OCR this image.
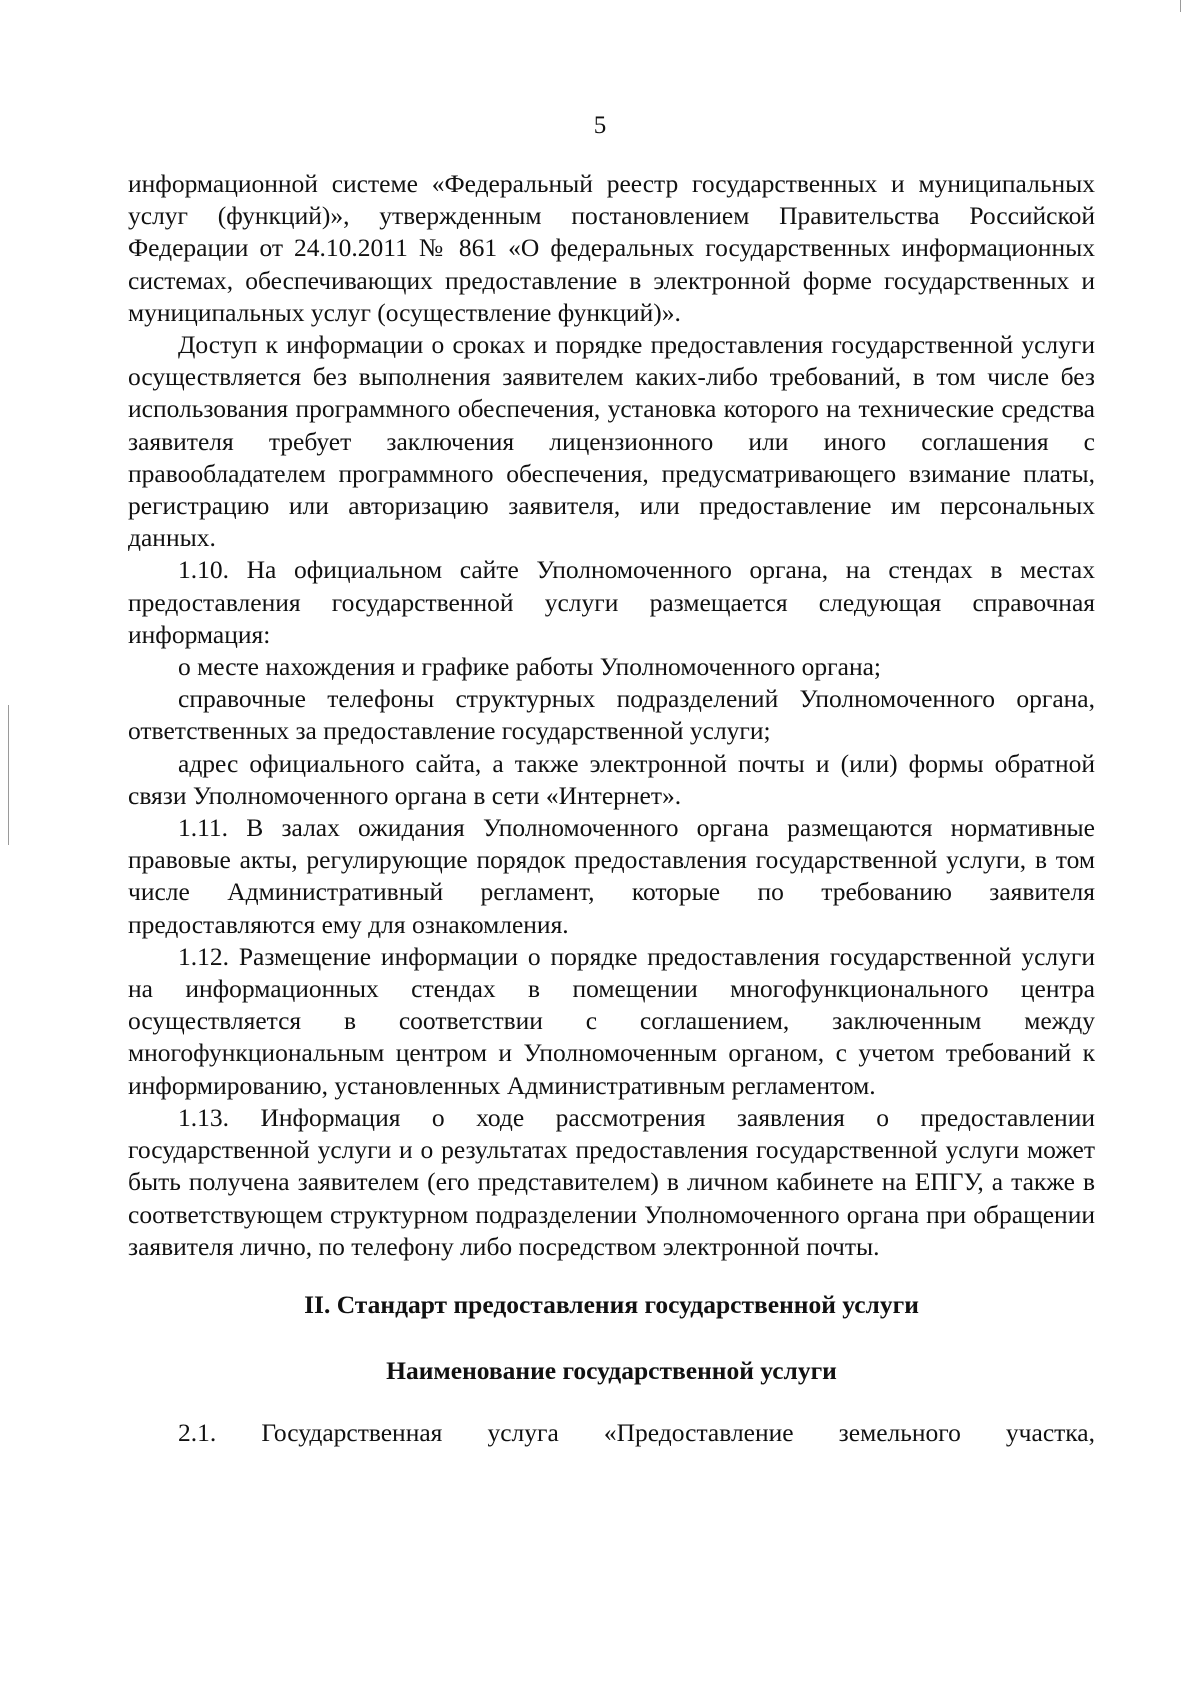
5

информационной системе «Федеральный реестр государственных и муниципальных услуг (функций)», утвержденным постановлением Правительства Российской Федерации от 24.10.2011 № 861 «О федеральных государственных информационных системах, обеспечивающих предоставление в электронной форме государственных и муниципальных услуг (осуществление функций)».

Доступ к информации о сроках и порядке предоставления государственной услуги осуществляется без выполнения заявителем каких-либо требований, в том числе без использования программного обеспечения, установка которого на технические средства заявителя требует заключения лицензионного или иного соглашения с правообладателем программного обеспечения, предусматривающего взимание платы, регистрацию или авторизацию заявителя, или предоставление им персональных данных.

1.10. На официальном сайте Уполномоченного органа, на стендах в местах предоставления государственной услуги размещается следующая справочная информация:

о месте нахождения и графике работы Уполномоченного органа;

справочные телефоны структурных подразделений Уполномоченного органа, ответственных за предоставление государственной услуги;

адрес официального сайта, а также электронной почты и (или) формы обратной связи Уполномоченного органа в сети «Интернет».

1.11. В залах ожидания Уполномоченного органа размещаются нормативные правовые акты, регулирующие порядок предоставления государственной услуги, в том числе Административный регламент, которые по требованию заявителя предоставляются ему для ознакомления.

1.12. Размещение информации о порядке предоставления государственной услуги на информационных стендах в помещении многофункционального центра осуществляется в соответствии с соглашением, заключенным между многофункциональным центром и Уполномоченным органом, с учетом требований к информированию, установленных Административным регламентом.

1.13. Информация о ходе рассмотрения заявления о предоставлении государственной услуги и о результатах предоставления государственной услуги может быть получена заявителем (его представителем) в личном кабинете на ЕПГУ, а также в соответствующем структурном подразделении Уполномоченного органа при обращении заявителя лично, по телефону либо посредством электронной почты.

II. Стандарт предоставления государственной услуги

Наименование государственной услуги

2.1. Государственная услуга «Предоставление земельного участка,
